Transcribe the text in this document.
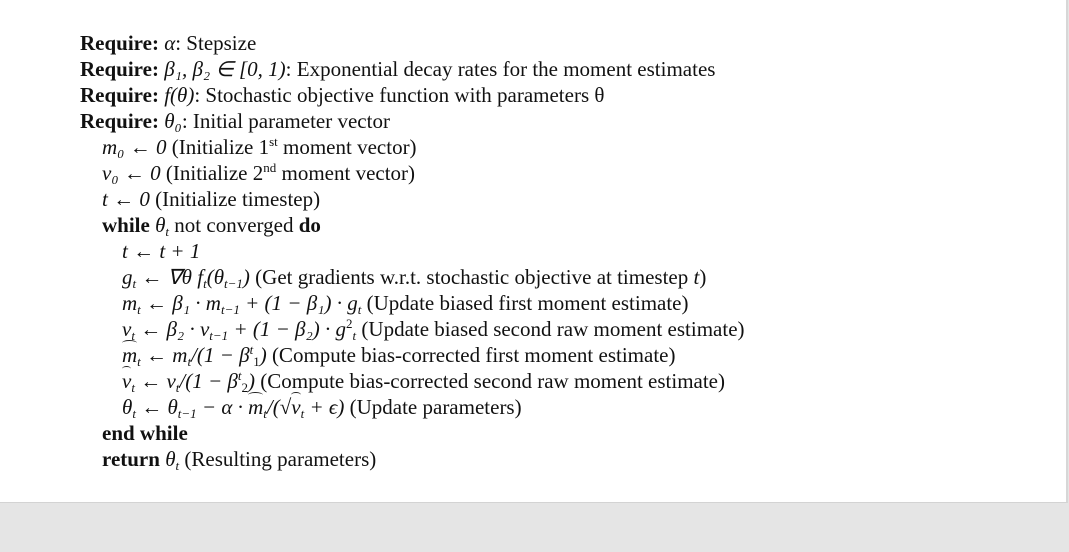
Require: α: Stepsize
Require: β₁, β₂ ∈ [0, 1): Exponential decay rates for the moment estimates
Require: f(θ): Stochastic objective function with parameters θ
Require: θ₀: Initial parameter vector
m₀ ← 0 (Initialize 1st moment vector)
v₀ ← 0 (Initialize 2nd moment vector)
t ← 0 (Initialize timestep)
while $\theta_t$ not converged do
t ← t + 1
$g_t$ ← ∇θ $f_t(\theta_{t-1})$ (Get gradients w.r.t. stochastic objective at timestep t)
$m_t$ ← $\beta_1 \cdot m_{t-1} + (1 - \beta_1) \cdot g_t$ (Update biased first moment estimate)
$v_t$ ← $\beta_2 \cdot v_{t-1} + (1 - \beta_2) \cdot g^2_t$ (Update biased second raw moment estimate)
$m_t$ ← $m_t/(1 - \beta^t_1)$ (Compute bias-corrected first moment estimate)
$v_t$ ← $v_t/(1 - \beta^t_2)$ (Compute bias-corrected second raw moment estimate)
$\theta_t$ ← $\theta_{t-1} - \alpha \cdot m_t/(√v_t + \epsilon)$ (Update parameters)
end while
return $\theta_t$ (Resulting parameters)
